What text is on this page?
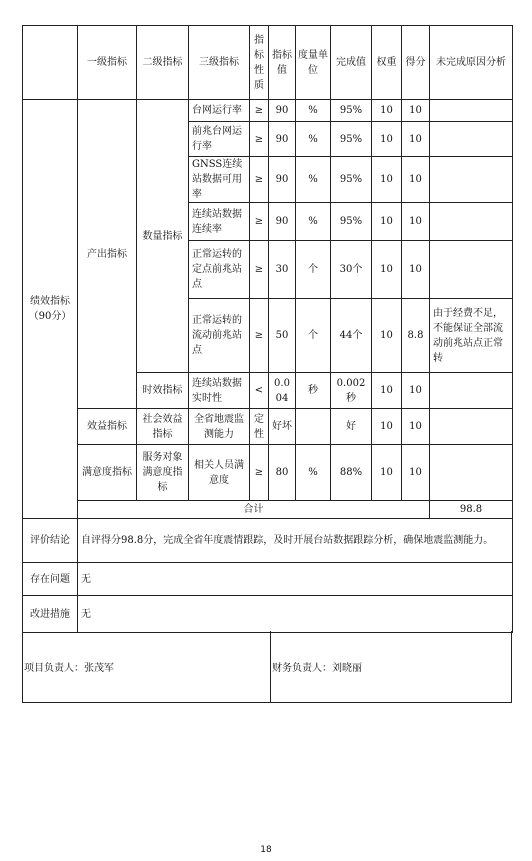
	一级指标	二级指标	三级指标	指标性质	指标值	度量单位	完成值	权重	得分	未完成原因分析	
绩效指标
（90分）	产出指标	数量指标	台网运行率	≥	90	%	95%	10	10		
			前兆台网运行率	≥	90	%	95%	10	10		
			GNSS连续站数据可用率	≥	90	%	95%	10	10		
			连续站数据连续率	≥	90	%	95%	10	10		
			正常运转的定点前兆站点	≥	30	个	30个	10	10		
			正常运转的流动前兆站点	≥	50	个	44个	10	8.8	由于经费不足，不能保证全部流动前兆站点正常转	
		时效指标	连续站数据实时性	<	0.004	秒	0.002秒	10	10		
	效益指标	社会效益指标	全省地震监测能力	定性	好坏		好	10	10		
	满意度指标	服务对象满意度指标	相关人员满意度	≥	80	%	88%	10	10		
	合计									98.8	
评价结论	自评得分98.8分，完成全省年度震情跟踪，及时开展台站数据跟踪分析，确保地震监测能力。										
存在问题	无										
改进措施	无										
项目负责人：张茂军	财务负责人：刘晓丽
18
